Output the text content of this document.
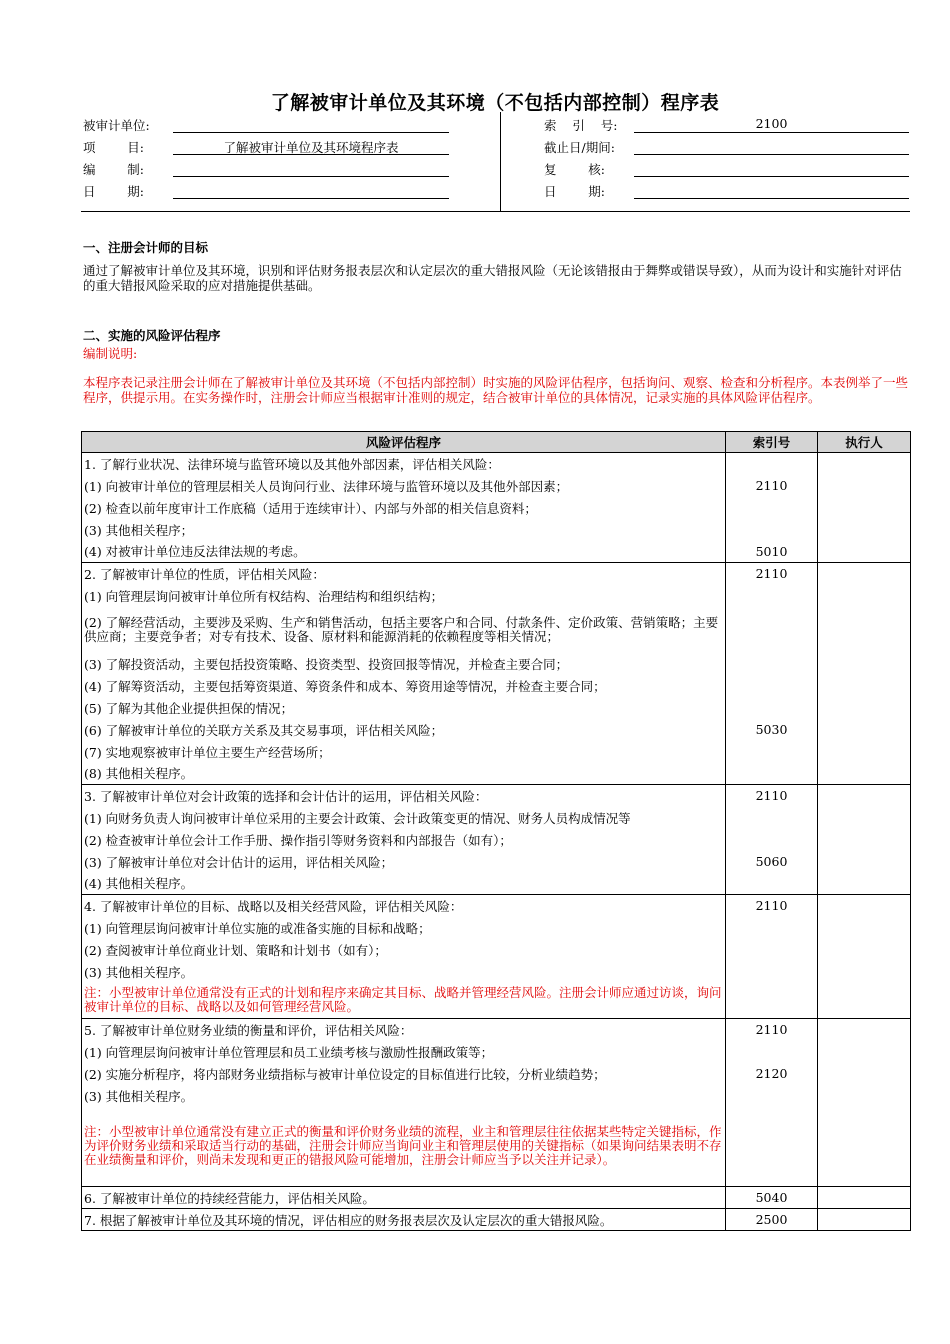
了解被审计单位及其环境（不包括内部控制）程序表
被审计单位:
项        目:	了解被审计单位及其环境程序表
编        制:
日        期:
索    引    号:	2100
截止日/期间:
复        核:
日        期:
一、注册会计师的目标
通过了解被审计单位及其环境，识别和评估财务报表层次和认定层次的重大错报风险（无论该错报由于舞弊或错误导致），从而为设计和实施针对评估的重大错报风险采取的应对措施提供基础。
二、实施的风险评估程序
编制说明:
本程序表记录注册会计师在了解被审计单位及其环境（不包括内部控制）时实施的风险评估程序，包括询问、观察、检查和分析程序。本表例举了一些程序，供提示用。在实务操作时，注册会计师应当根据审计准则的规定，结合被审计单位的具体情况，记录实施的具体风险评估程序。
风险评估程序	索引号	执行人
1. 了解行业状况、法律环境与监管环境以及其他外部因素，评估相关风险：		
(1) 向被审计单位的管理层相关人员询问行业、法律环境与监管环境以及其他外部因素；	2110	
(2) 检查以前年度审计工作底稿（适用于连续审计）、内部与外部的相关信息资料；		
(3) 其他相关程序；		
(4) 对被审计单位违反法律法规的考虑。	5010	
2. 了解被审计单位的性质，评估相关风险：	2110	
(1) 向管理层询问被审计单位所有权结构、治理结构和组织结构；		
(2) 了解经营活动，主要涉及采购、生产和销售活动，包括主要客户和合同、付款条件、定价政策、营销策略；主要供应商；主要竞争者；对专有技术、设备、原材料和能源消耗的依赖程度等相关情况；		
(3) 了解投资活动，主要包括投资策略、投资类型、投资回报等情况，并检查主要合同；		
(4) 了解筹资活动，主要包括筹资渠道、筹资条件和成本、筹资用途等情况，并检查主要合同；		
(5) 了解为其他企业提供担保的情况；		
(6) 了解被审计单位的关联方关系及其交易事项，评估相关风险；	5030	
(7) 实地观察被审计单位主要生产经营场所；		
(8) 其他相关程序。		
3. 了解被审计单位对会计政策的选择和会计估计的运用，评估相关风险：	2110	
(1) 向财务负责人询问被审计单位采用的主要会计政策、会计政策变更的情况、财务人员构成情况等		
(2) 检查被审计单位会计工作手册、操作指引等财务资料和内部报告（如有）；		
(3) 了解被审计单位对会计估计的运用，评估相关风险；	5060	
(4) 其他相关程序。		
4. 了解被审计单位的目标、战略以及相关经营风险，评估相关风险：	2110	
(1) 向管理层询问被审计单位实施的或准备实施的目标和战略；		
(2) 查阅被审计单位商业计划、策略和计划书（如有）；		
(3) 其他相关程序。		
注：小型被审计单位通常没有正式的计划和程序来确定其目标、战略并管理经营风险。注册会计师应通过访谈，询问被审计单位的目标、战略以及如何管理经营风险。		
5. 了解被审计单位财务业绩的衡量和评价，评估相关风险：	2110	
(1) 向管理层询问被审计单位管理层和员工业绩考核与激励性报酬政策等；		
(2) 实施分析程序，将内部财务业绩指标与被审计单位设定的目标值进行比较，分析业绩趋势；	2120	
(3) 其他相关程序。		
注：小型被审计单位通常没有建立正式的衡量和评价财务业绩的流程，业主和管理层往往依据某些特定关键指标，作为评价财务业绩和采取适当行动的基础，注册会计师应当询问业主和管理层使用的关键指标（如果询问结果表明不存在业绩衡量和评价，则尚未发现和更正的错报风险可能增加，注册会计师应当予以关注并记录）。		
6. 了解被审计单位的持续经营能力，评估相关风险。	5040	
7. 根据了解被审计单位及其环境的情况，评估相应的财务报表层次及认定层次的重大错报风险。	2500	
